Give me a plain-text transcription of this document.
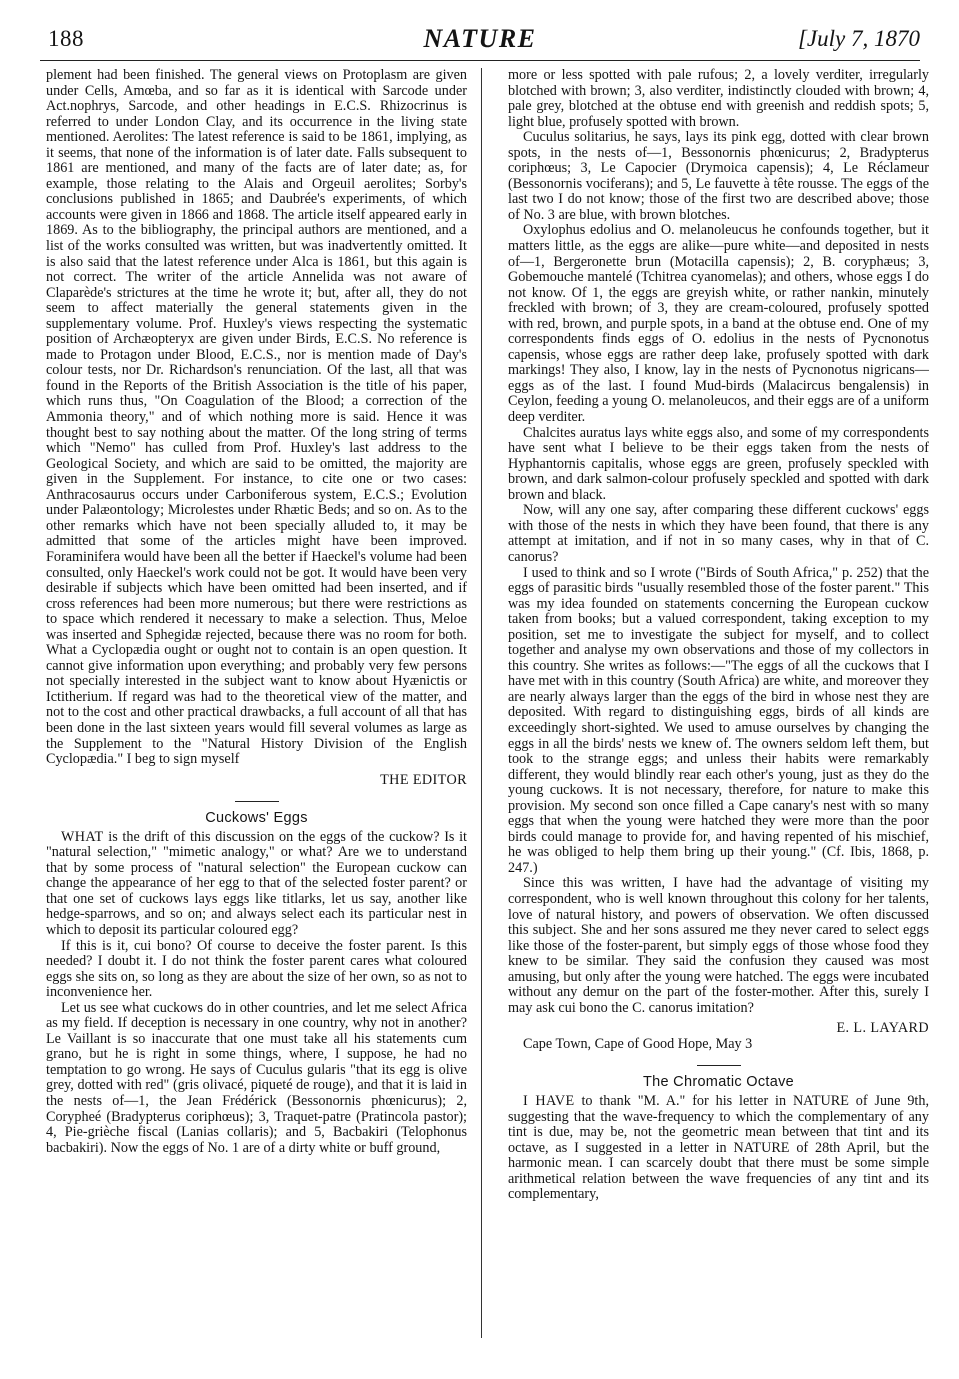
188	NATURE	[July 7, 1870

plement had been finished. The general views on Protoplasm are given under Cells, Amœba, and so far as it is identical with Sarcode under Act.nophrys, Sarcode, and other headings in E.C.S. Rhizocrinus is referred to under London Clay, and its occurrence in the living state mentioned. Aerolites: The latest reference is said to be 1861, implying, as it seems, that none of the information is of later date. Falls subsequent to 1861 are mentioned, and many of the facts are of later date; as, for example, those relating to the Alais and Orgeuil aerolites; Sorby's conclusions published in 1865; and Daubrée's experiments, of which accounts were given in 1866 and 1868. The article itself appeared early in 1869. As to the bibliography, the principal authors are mentioned, and a list of the works consulted was written, but was inadvertently omitted. It is also said that the latest reference under Alca is 1861, but this again is not correct. The writer of the article Annelida was not aware of Claparède's strictures at the time he wrote it; but, after all, they do not seem to affect materially the general statements given in the supplementary volume. Prof. Huxley's views respecting the systematic position of Archæopteryx are given under Birds, E.C.S. No reference is made to Protagon under Blood, E.C.S., nor is mention made of Day's colour tests, nor Dr. Richardson's renunciation. Of the last, all that was found in the Reports of the British Association is the title of his paper, which runs thus, "On Coagulation of the Blood; a correction of the Ammonia theory," and of which nothing more is said. Hence it was thought best to say nothing about the matter. Of the long string of terms which "Nemo" has culled from Prof. Huxley's last address to the Geological Society, and which are said to be omitted, the majority are given in the Supplement. For instance, to cite one or two cases: Anthracosaurus occurs under Carboniferous system, E.C.S.; Evolution under Palæontology; Microlestes under Rhætic Beds; and so on. As to the other remarks which have not been specially alluded to, it may be admitted that some of the articles might have been improved. Foraminifera would have been all the better if Haeckel's volume had been consulted, only Haeckel's work could not be got. It would have been very desirable if subjects which have been omitted had been inserted, and if cross references had been more numerous; but there were restrictions as to space which rendered it necessary to make a selection. Thus, Meloe was inserted and Sphegidæ rejected, because there was no room for both. What a Cyclopædia ought or ought not to contain is an open question. It cannot give information upon everything; and probably very few persons not specially interested in the subject want to know about Hyænictis or Ictitherium. If regard was had to the theoretical view of the matter, and not to the cost and other practical drawbacks, a full account of all that has been done in the last sixteen years would fill several volumes as large as the Supplement to the "Natural History Division of the English Cyclopædia." I beg to sign myself

THE EDITOR

Cuckows' Eggs

WHAT is the drift of this discussion on the eggs of the cuckow? Is it "natural selection," "mimetic analogy," or what? Are we to understand that by some process of "natural selection" the European cuckow can change the appearance of her egg to that of the selected foster parent? or that one set of cuckows lays eggs like titlarks, let us say, another like hedge-sparrows, and so on; and always select each its particular nest in which to deposit its particular coloured egg?

If this is it, cui bono? Of course to deceive the foster parent. Is this needed? I doubt it. I do not think the foster parent cares what coloured eggs she sits on, so long as they are about the size of her own, so as not to inconvenience her.

Let us see what cuckows do in other countries, and let me select Africa as my field. If deception is necessary in one country, why not in another? Le Vaillant is so inaccurate that one must take all his statements cum grano, but he is right in some things, where, I suppose, he had no temptation to go wrong. He says of Cuculus gularis "that its egg is olive grey, dotted with red" (gris olivacé, piqueté de rouge), and that it is laid in the nests of—1, the Jean Frédérick (Bessonornis phœnicurus); 2, Corypheé (Bradypterus coriphœus); 3, Traquet-patre (Pratincola pastor); 4, Pie-grièche fiscal (Lanias collaris); and 5, Bacbakiri (Telophonus bacbakiri). Now the eggs of No. 1 are of a dirty white or buff ground,

more or less spotted with pale rufous; 2, a lovely verditer, irregularly blotched with brown; 3, also verditer, indistinctly clouded with brown; 4, pale grey, blotched at the obtuse end with greenish and reddish spots; 5, light blue, profusely spotted with brown.

Cuculus solitarius, he says, lays its pink egg, dotted with clear brown spots, in the nests of—1, Bessonornis phœnicurus; 2, Bradypterus coriphœus; 3, Le Capocier (Drymoica capensis); 4, Le Réclameur (Bessonornis vociferans); and 5, Le fauvette à tête rousse. The eggs of the last two I do not know; those of the first two are described above; those of No. 3 are blue, with brown blotches.

Oxylophus edolius and O. melanoleucus he confounds together, but it matters little, as the eggs are alike—pure white—and deposited in nests of—1, Bergeronette brun (Motacilla capensis); 2, B. coryphæus; 3, Gobemouche mantelé (Tchitrea cyanomelas); and others, whose eggs I do not know. Of 1, the eggs are greyish white, or rather nankin, minutely freckled with brown; of 3, they are cream-coloured, profusely spotted with red, brown, and purple spots, in a band at the obtuse end. One of my correspondents finds eggs of O. edolius in the nests of Pycnonotus capensis, whose eggs are rather deep lake, profusely spotted with dark markings! They also, I know, lay in the nests of Pycnonotus nigricans—eggs as of the last. I found Mud-birds (Malacircus bengalensis) in Ceylon, feeding a young O. melanoleucos, and their eggs are of a uniform deep verditer.

Chalcites auratus lays white eggs also, and some of my correspondents have sent what I believe to be their eggs taken from the nests of Hyphantornis capitalis, whose eggs are green, profusely speckled with brown, and dark salmon-colour profusely speckled and spotted with dark brown and black.

Now, will any one say, after comparing these different cuckows' eggs with those of the nests in which they have been found, that there is any attempt at imitation, and if not in so many cases, why in that of C. canorus?

I used to think and so I wrote ("Birds of South Africa," p. 252) that the eggs of parasitic birds "usually resembled those of the foster parent." This was my idea founded on statements concerning the European cuckow taken from books; but a valued correspondent, taking exception to my position, set me to investigate the subject for myself, and to collect together and analyse my own observations and those of my collectors in this country. She writes as follows:—"The eggs of all the cuckows that I have met with in this country (South Africa) are white, and moreover they are nearly always larger than the eggs of the bird in whose nest they are deposited. With regard to distinguishing eggs, birds of all kinds are exceedingly short-sighted. We used to amuse ourselves by changing the eggs in all the birds' nests we knew of. The owners seldom left them, but took to the strange eggs; and unless their habits were remarkably different, they would blindly rear each other's young, just as they do the young cuckows. It is not necessary, therefore, for nature to make this provision. My second son once filled a Cape canary's nest with so many eggs that when the young were hatched they were more than the poor birds could manage to provide for, and having repented of his mischief, he was obliged to help them bring up their young." (Cf. Ibis, 1868, p. 247.)

Since this was written, I have had the advantage of visiting my correspondent, who is well known throughout this colony for her talents, love of natural history, and powers of observation. We often discussed this subject. She and her sons assured me they never cared to select eggs like those of the foster-parent, but simply eggs of those whose food they knew to be similar. They said the confusion they caused was most amusing, but only after the young were hatched. The eggs were incubated without any demur on the part of the foster-mother. After this, surely I may ask cui bono the C. canorus imitation?

E. L. LAYARD

Cape Town, Cape of Good Hope, May 3

The Chromatic Octave

I HAVE to thank "M. A." for his letter in NATURE of June 9th, suggesting that the wave-frequency to which the complementary of any tint is due, may be, not the geometric mean between that tint and its octave, as I suggested in a letter in NATURE of 28th April, but the harmonic mean. I can scarcely doubt that there must be some simple arithmetical relation between the wave frequencies of any tint and its complementary,
